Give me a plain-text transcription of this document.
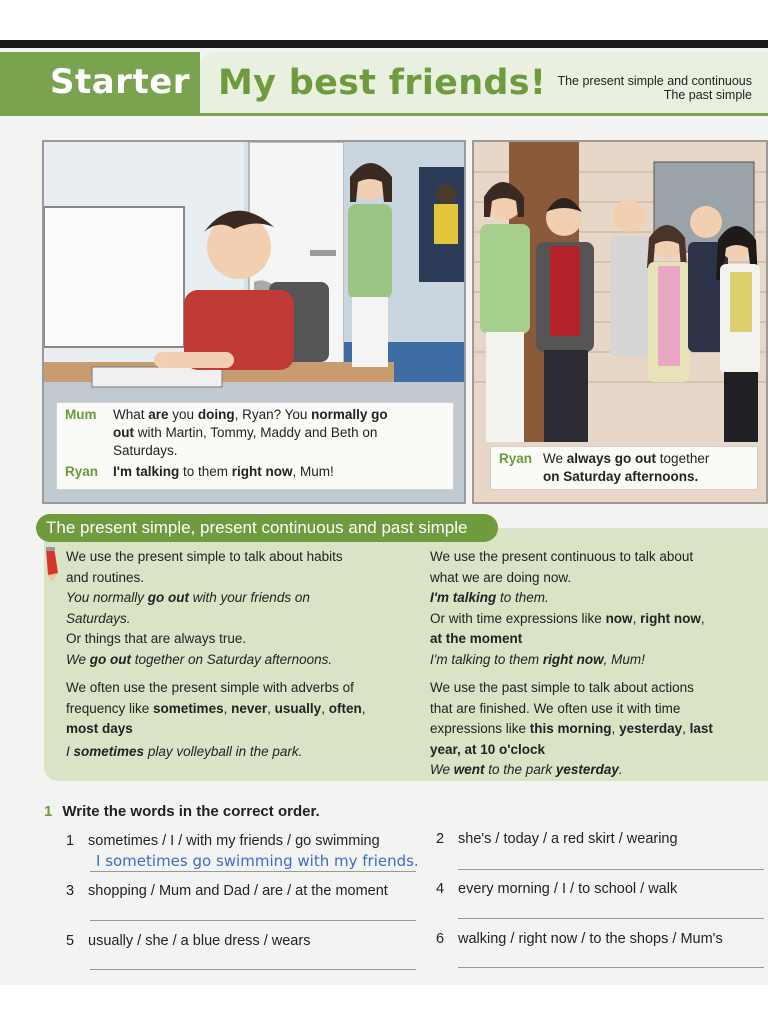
Starter My best friends! The present simple and continuous
The past simple
Mum What are you doing, Ryan? You normally go
out with Martin, Tommy, Maddy and Beth on
Saturdays.
Ryan I'm talking to them right now, Mum!
Ryan We always go out together
on Saturday afternoons.
The present simple, present continuous and past simple

We use the present simple to talk about habits

and routines.

You normally go out with your friends on

Saturdays.

Or things that are always true.

We go out together on Saturday afternoons.

We often use the present simple with adverbs of

frequency like sometimes, never, usually, often,

most days

I sometimes play volleyball in the park.

We use the present continuous to talk about

what we are doing now.

I'm talking to them.

Or with time expressions like now, right now,

at the moment

I'm talking to them right now, Mum!

We use the past simple to talk about actions

that are finished. We often use it with time

expressions like this morning, yesterday, last

year, at 10 o'clock

We went to the park yesterday.

1 Write the words in the correct order.
1 sometimes / I / with my friends / go swimming	2 she's / today / a red skirt / wearing
3 shopping / Mum and Dad / are / at the moment	4 every morning / I / to school / walk
5 usually / she / a blue dress / wears	6 walking / right now / to the shops / Mum's
I sometimes go swimming with my friends.
